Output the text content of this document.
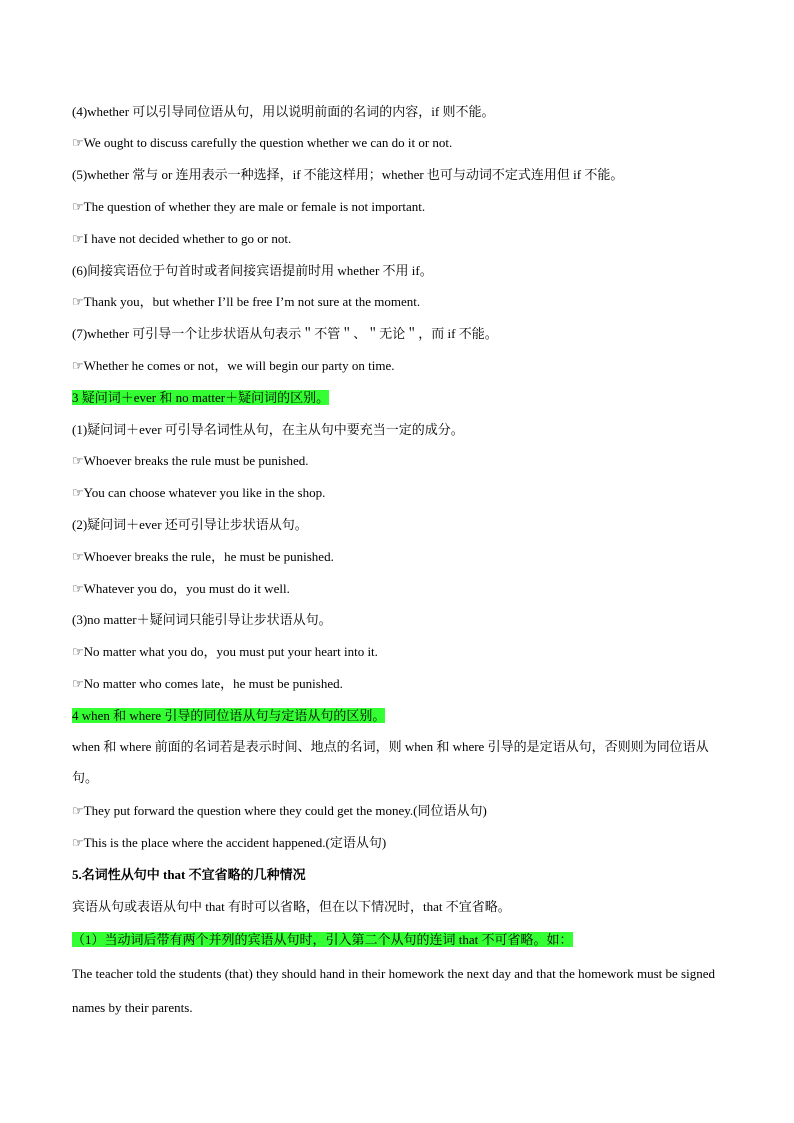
(4)whether 可以引导同位语从句，用以说明前面的名词的内容，if 则不能。
☞We ought to discuss carefully the question whether we can do it or not.
(5)whether 常与 or 连用表示一种选择，if 不能这样用；whether 也可与动词不定式连用但 if 不能。
☞The question of whether they are male or female is not important.
☞I have not decided whether to go or not.
(6)间接宾语位于句首时或者间接宾语提前时用 whether 不用 if。
☞Thank you，but whether I’ll be free I’m not sure at the moment.
(7)whether 可引导一个让步状语从句表示＂不管＂、＂无论＂，而 if 不能。
☞Whether he comes or not，we will begin our party on time.
3 疑问词＋ever 和 no matter＋疑问词的区别。
(1)疑问词＋ever 可引导名词性从句，在主从句中要充当一定的成分。
☞Whoever breaks the rule must be punished.
☞You can choose whatever you like in the shop.
(2)疑问词＋ever 还可引导让步状语从句。
☞Whoever breaks the rule，he must be punished.
☞Whatever you do，you must do it well.
(3)no matter＋疑问词只能引导让步状语从句。
☞No matter what you do，you must put your heart into it.
☞No matter who comes late，he must be punished.
4 when 和 where 引导的同位语从句与定语从句的区别。
when 和 where 前面的名词若是表示时间、地点的名词，则 when 和 where 引导的是定语从句，否则则为同位语从句。
☞They put forward the question where they could get the money.(同位语从句)
☞This is the place where the accident happened.(定语从句)
5.名词性从句中 that 不宜省略的几种情况
宾语从句或表语从句中 that 有时可以省略，但在以下情况时，that 不宜省略。
（1）当动词后带有两个并列的宾语从句时，引入第二个从句的连词 that 不可省略。如：
The teacher told the students (that) they should hand in their homework the next day and that the homework must be signed names by their parents.
